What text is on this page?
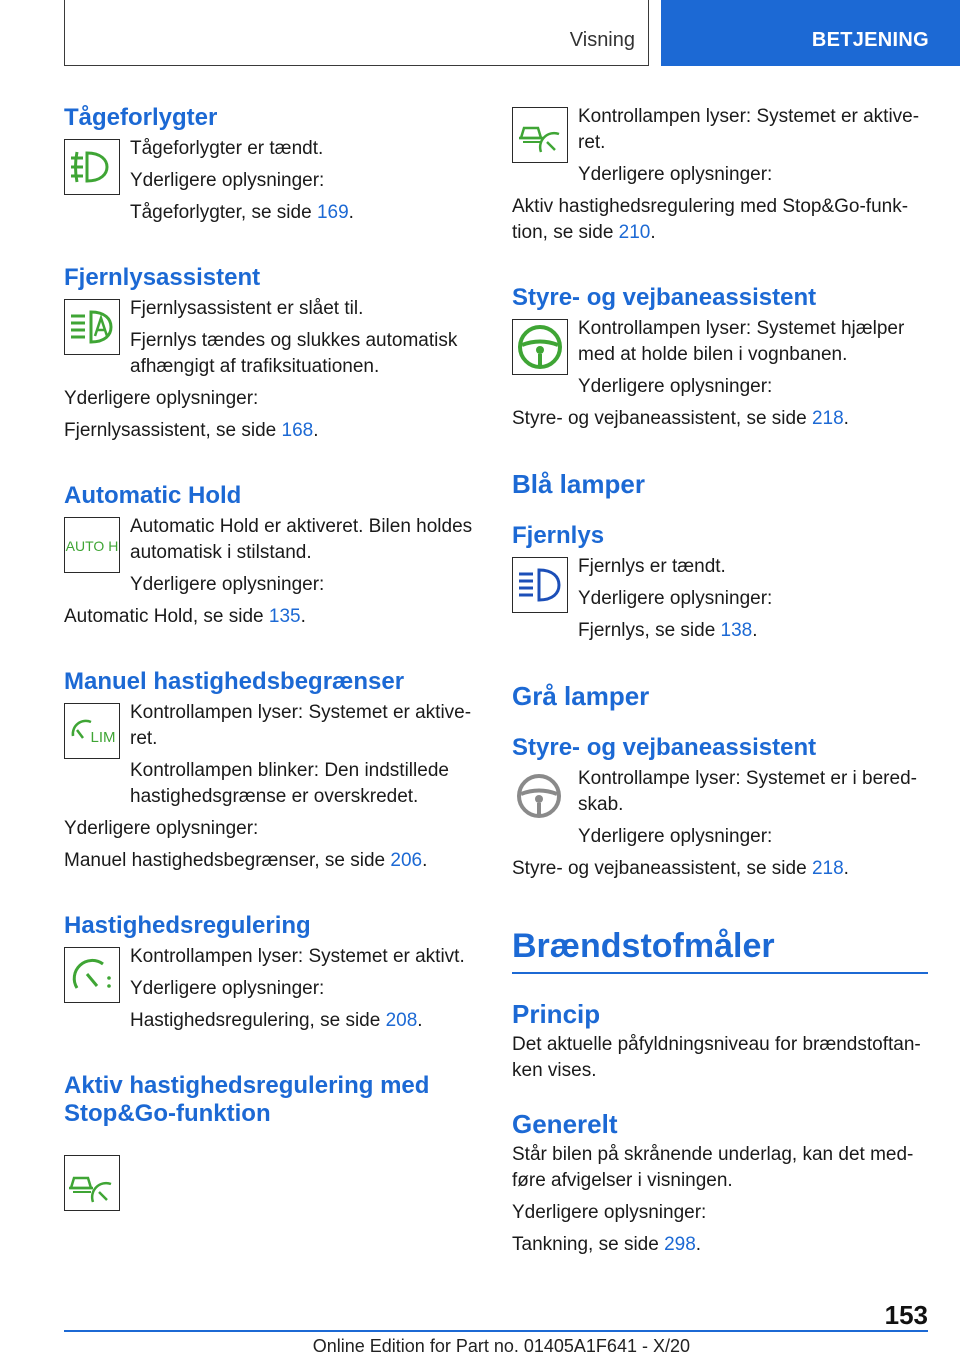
Visning	BETJENING
Tågeforlygter

Tågeforlygter er tændt.

Yderligere oplysninger:

Tågeforlygter, se side 169.

Fjernlysassistent

Fjernlysassistent er slået til.

Fjernlys tændes og slukkes automatisk afhængigt af trafiksituationen.

Yderligere oplysninger:

Fjernlysassistent, se side 168.

Automatic Hold
AUTO H

Automatic Hold er aktiveret. Bilen holdes automatisk i stilstand.

Yderligere oplysninger:

Automatic Hold, se side 135.

Manuel hastighedsbegrænser
LIM

Kontrollampen lyser: Systemet er aktive-ret.

Kontrollampen blinker: Den indstillede hastighedsgrænse er overskredet.

Yderligere oplysninger:

Manuel hastighedsbegrænser, se side 206.

Hastighedsregulering

Kontrollampen lyser: Systemet er aktivt.

Yderligere oplysninger:

Hastighedsregulering, se side 208.

Aktiv hastighedsregulering med Stop&Go-funktion

Kontrollampen lyser: Systemet er aktive-ret.

Yderligere oplysninger:

Aktiv hastighedsregulering med Stop&Go-funk-tion, se side 210.

Styre- og vejbaneassistent

Kontrollampen lyser: Systemet hjælper med at holde bilen i vognbanen.

Yderligere oplysninger:

Styre- og vejbaneassistent, se side 218.

Blå lamper
Fjernlys

Fjernlys er tændt.

Yderligere oplysninger:

Fjernlys, se side 138.

Grå lamper
Styre- og vejbaneassistent

Kontrollampe lyser: Systemet er i bered-skab.

Yderligere oplysninger:

Styre- og vejbaneassistent, se side 218.

Brændstofmåler
Princip

Det aktuelle påfyldningsniveau for brændstoftan-ken vises.

Generelt

Står bilen på skrånende underlag, kan det med-føre afvigelser i visningen.

Yderligere oplysninger:

Tankning, se side 298.

153
Online Edition for Part no. 01405A1F641 - X/20
